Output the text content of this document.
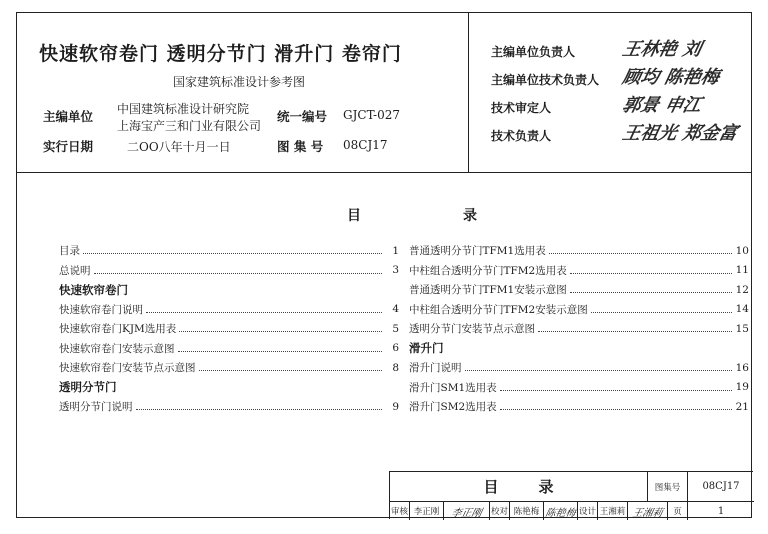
快速软帘卷门 透明分节门 滑升门 卷帘门
国家建筑标准设计参考图
主编单位 中国建筑标准设计研究院
上海宝产三和门业有限公司
实行日期	二OO八年十月一日
统一编号 GJCT-027
图 集 号 08CJ17
主编单位负责人	王林艳 刘
主编单位技术负责人 顾均 陈艳梅
技术审定人	郭景 申江
技术负责人	王祖光 郑金富
目	录
目录	1
总说明	3
快速软帘卷门
快速软帘卷门说明	4
快速软帘卷门KJM选用表	5
快速软帘卷门安装示意图	6
快速软帘卷门安装节点示意图	8
透明分节门
透明分节门说明	9
普通透明分节门TFM1选用表	10
中柱组合透明分节门TFM2选用表	11
普通透明分节门TFM1安装示意图	12
中柱组合透明分节门TFM2安装示意图	14
透明分节门安装节点示意图	15
滑升门
滑升门说明	16
滑升门SM1选用表	19
滑升门SM2选用表	21
目	录	图集号	08CJ17
审核 李正刚	李正刚 校对 陈艳梅 陈艳梅 设计 王湘莉 王湘莉	页	1
